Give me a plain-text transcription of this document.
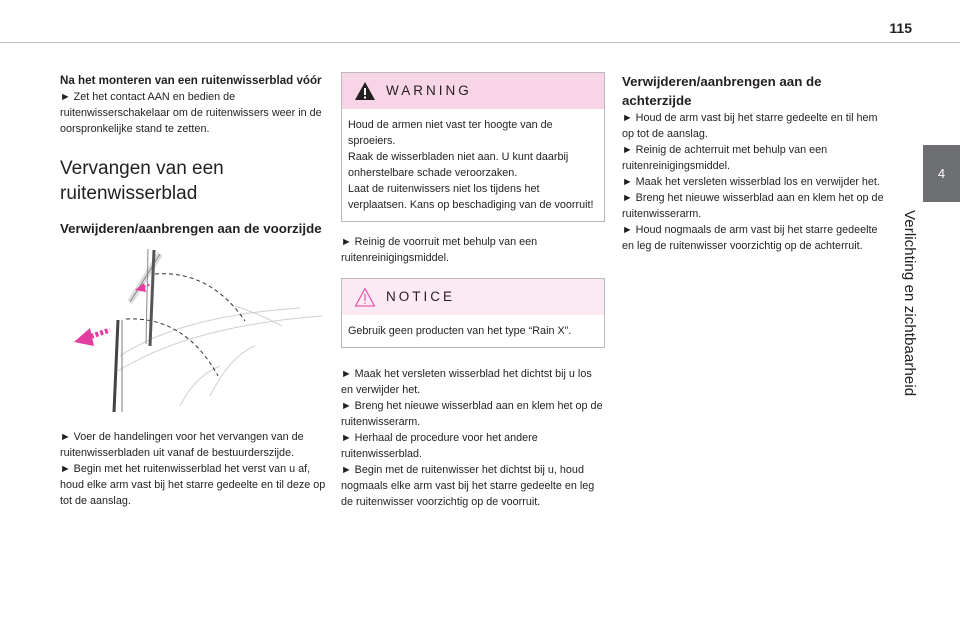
115
4
Verlichting en zichtbaarheid

Na het monteren van een ruitenwisserblad vóór

► Zet het contact AAN en bedien de ruitenwisserschakelaar om de ruitenwissers weer in de oorspronkelijke stand te zetten.

Vervangen van een ruitenwisserblad

Verwijderen/aanbrengen aan de voorzijde

► Voer de handelingen voor het vervangen van de ruitenwisserbladen uit vanaf de bestuurderszijde.

► Begin met het ruitenwisserblad het verst van u af, houd elke arm vast bij het starre gedeelte en til deze op tot de aanslag.

WARNING

Houd de armen niet vast ter hoogte van de sproeiers.

Raak de wisserbladen niet aan. U kunt daarbij onherstelbare schade veroorzaken.

Laat de ruitenwissers niet los tijdens het verplaatsen. Kans op beschadiging van de voorruit!

► Reinig de voorruit met behulp van een ruitenreinigingsmiddel.

NOTICE

Gebruik geen producten van het type “Rain X”.

► Maak het versleten wisserblad het dichtst bij u los en verwijder het.

► Breng het nieuwe wisserblad aan en klem het op de ruitenwisserarm.

► Herhaal de procedure voor het andere ruitenwisserblad.

► Begin met de ruitenwisser het dichtst bij u, houd nogmaals elke arm vast bij het starre gedeelte en leg de ruitenwisser voorzichtig op de voorruit.

Verwijderen/aanbrengen aan de achterzijde

► Houd de arm vast bij het starre gedeelte en til hem op tot de aanslag.

► Reinig de achterruit met behulp van een ruitenreinigingsmiddel.

► Maak het versleten wisserblad los en verwijder het.

► Breng het nieuwe wisserblad aan en klem het op de ruitenwisserarm.

► Houd nogmaals de arm vast bij het starre gedeelte en leg de ruitenwisser voorzichtig op de achterruit.
